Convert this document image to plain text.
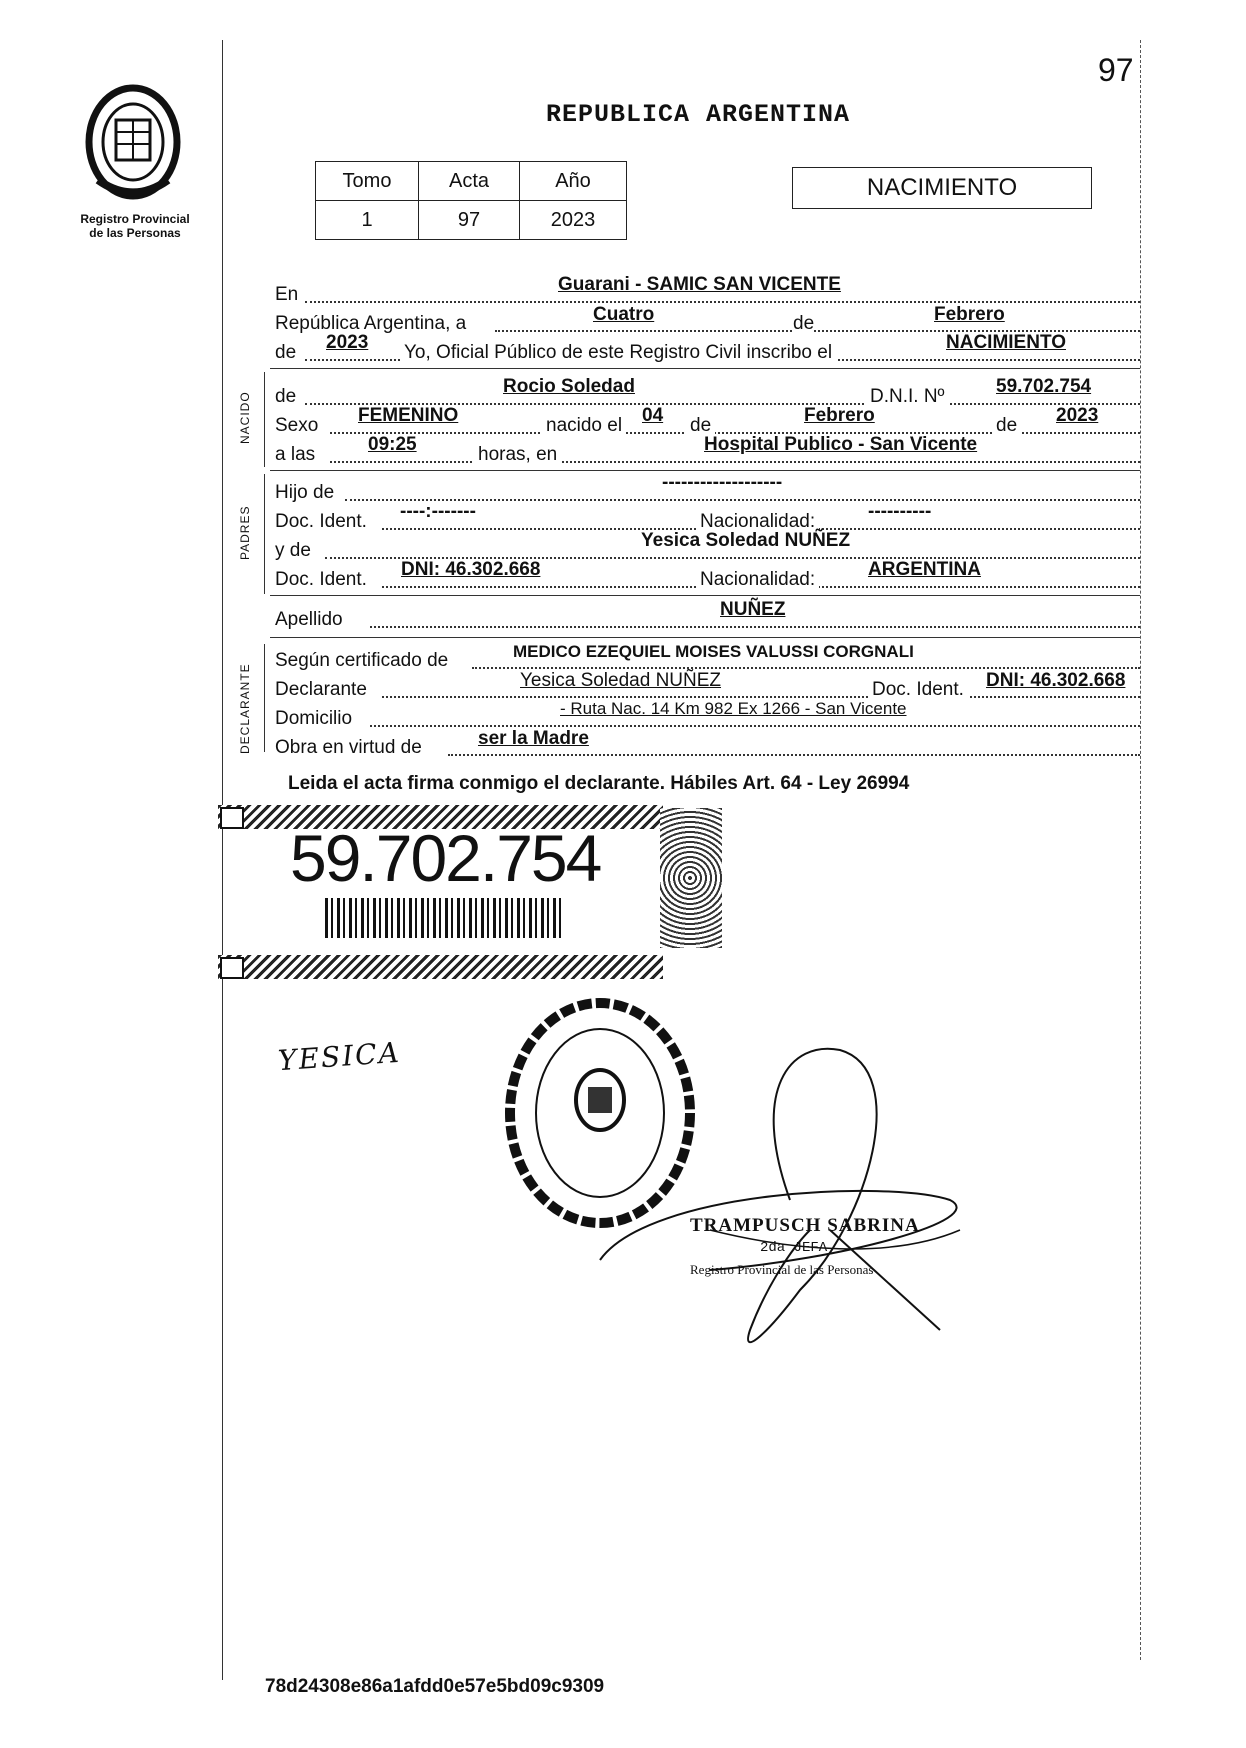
97
Registro Provincial
de las Personas
REPUBLICA ARGENTINA
Tomo	Acta	Año
1	97	2023
NACIMIENTO
En	Guarani - SAMIC SAN VICENTE
República Argentina, a	Cuatro	de	Febrero
de 2023 Yo, Oficial Público de este Registro Civil inscribo el	NACIMIENTO
NACIDO de	Rocio Soledad	D.N.I. Nº	59.702.754
Sexo FEMENINO	nacido el 04 de	Febrero	de 2023
a las	09:25	horas, en	Hospital Publico - San Vicente
PADRES
Hijo de	-------------------
Doc. Ident. ----:-------	Nacionalidad:	----------
y de	Yesica Soledad NUÑEZ
Doc. Ident. DNI: 46.302.668	Nacionalidad:	ARGENTINA
Apellido	NUÑEZ
DECLARANTE
Según certificado de	MEDICO EZEQUIEL MOISES VALUSSI CORGNALI
Declarante	Yesica Soledad NUÑEZ	Doc. Ident. DNI: 46.302.668
Domicilio	- Ruta Nac. 14 Km 982 Ex 1266 - San Vicente
Obra en virtud de	ser la Madre
Leida el acta firma conmigo el declarante. Hábiles Art. 64 - Ley 26994
59.702.754
YESICA
TRAMPUSCH SABRINA
2da JEFA
Registro Provincial de las Personas
78d24308e86a1afdd0e57e5bd09c9309
